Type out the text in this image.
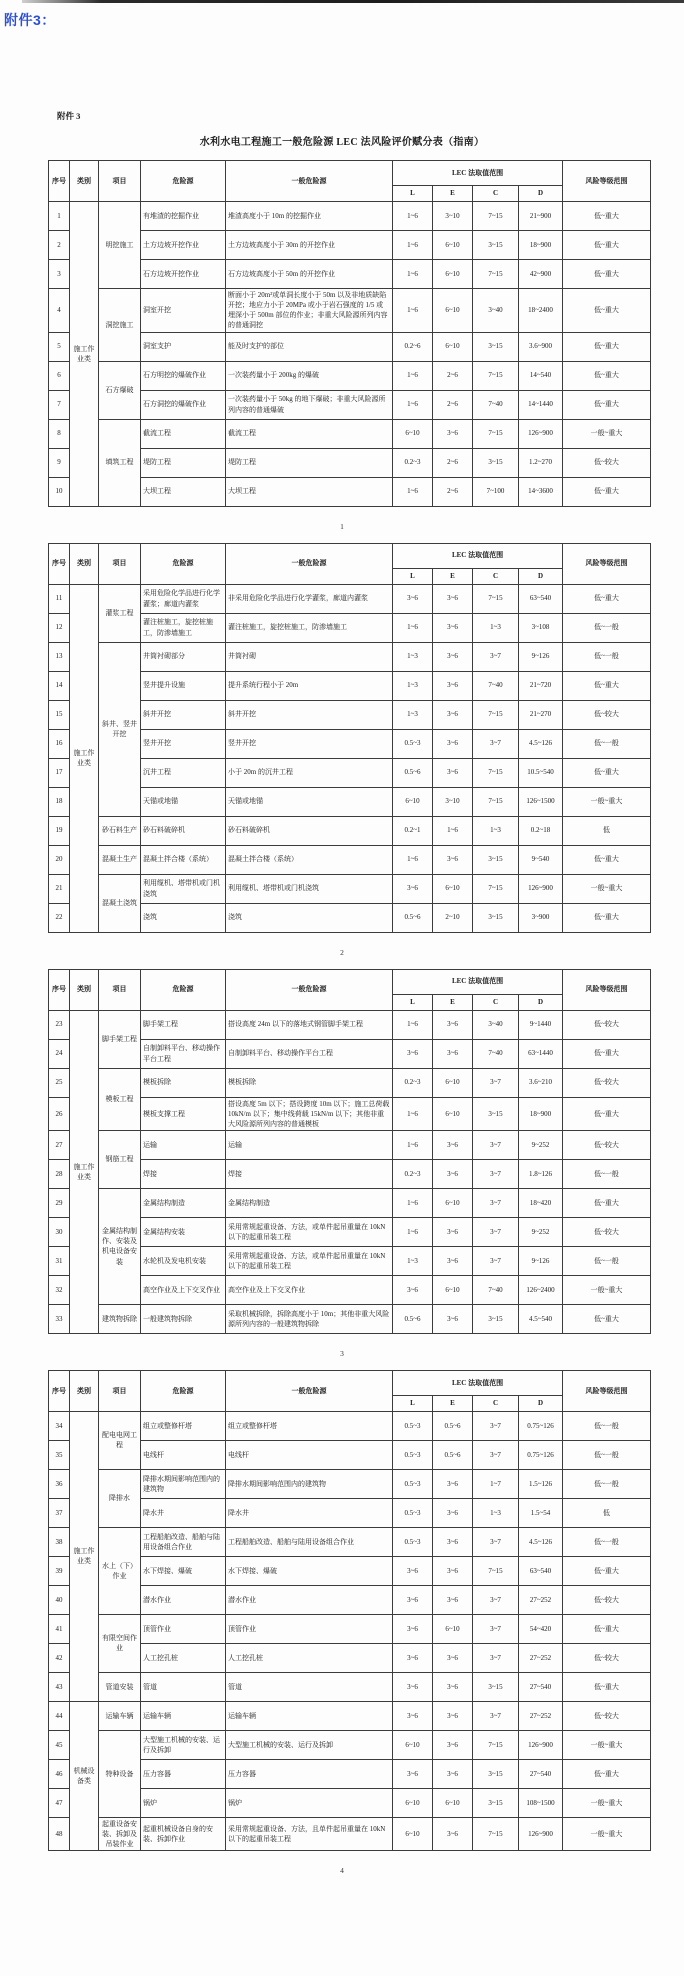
附件3：
附件 3
水利水电工程施工一般危险源 LEC 法风险评价赋分表（指南）
序号	类别	项目	危险源	一般危险源	LEC 法取值范围				风险等级范围
					L	E	C	D	
1	施工作业类	明挖施工	有堆渣的挖掘作业	堆渣高度小于 10m 的挖掘作业	1~6	3~10	7~15	21~900	低~重大
2			土方边坡开挖作业	土方边坡高度小于 30m 的开挖作业	1~6	6~10	3~15	18~900	低~重大
3			石方边坡开挖作业	石方边坡高度小于 50m 的开挖作业	1~6	6~10	7~15	42~900	低~重大
4		洞挖施工	洞室开挖	断面小于 20m²或单洞长度小于 50m 以及非地质缺陷开挖；地应力小于 20MPa 或小于岩石强度的 1/5 或埋深小于 500m 部位的作业；非重大风险源所列内容的普通洞挖	1~6	6~10	3~40	18~2400	低~重大
5			洞室支护	能及时支护的部位	0.2~6	6~10	3~15	3.6~900	低~重大
6		石方爆破	石方明挖的爆破作业	一次装药量小于 200kg 的爆破	1~6	2~6	7~15	14~540	低~重大
7			石方洞挖的爆破作业	一次装药量小于 50kg 的地下爆破；非重大风险源所列内容的普通爆破	1~6	2~6	7~40	14~1440	低~重大
8		填筑工程	截流工程	截流工程	6~10	3~6	7~15	126~900	一般~重大
9			堤防工程	堤防工程	0.2~3	2~6	3~15	1.2~270	低~较大
10			大坝工程	大坝工程	1~6	2~6	7~100	14~3600	低~重大
1
序号	类别	项目	危险源	一般危险源	LEC 法取值范围				风险等级范围
					L	E	C	D	
11	施工作业类	灌浆工程	采用危险化学品进行化学灌浆；廊道内灌浆	非采用危险化学品进行化学灌浆，廊道内灌浆	3~6	3~6	7~15	63~540	低~重大
12			灌注桩施工，旋挖桩施工，防渗墙施工	灌注桩施工，旋挖桩施工，防渗墙施工	1~6	3~6	1~3	3~108	低~一般
13		斜井、竖井开挖	井筒衬砌部分	井筒衬砌	1~3	3~6	3~7	9~126	低~一般
14			竖井提升设施	提升系统行程小于 20m	1~3	3~6	7~40	21~720	低~重大
15			斜井开挖	斜井开挖	1~3	3~6	7~15	21~270	低~较大
16			竖井开挖	竖井开挖	0.5~3	3~6	3~7	4.5~126	低~一般
17			沉井工程	小于 20m 的沉井工程	0.5~6	3~6	7~15	10.5~540	低~重大
18			天锚或地锚	天锚或地锚	6~10	3~10	7~15	126~1500	一般~重大
19		砂石料生产	砂石料破碎机	砂石料破碎机	0.2~1	1~6	1~3	0.2~18	低
20		混凝土生产	混凝土拌合楼（系统）	混凝土拌合楼（系统）	1~6	3~6	3~15	9~540	低~重大
21		混凝土浇筑	利用缆机、塔带机或门机浇筑	利用缆机、塔带机或门机浇筑	3~6	6~10	7~15	126~900	一般~重大
22			浇筑	浇筑	0.5~6	2~10	3~15	3~900	低~重大
2
序号	类别	项目	危险源	一般危险源	LEC 法取值范围				风险等级范围
					L	E	C	D	
23	施工作业类	脚手架工程	脚手架工程	搭设高度 24m 以下的落地式钢管脚手架工程	1~6	3~6	3~40	9~1440	低~较大
24			自制卸料平台、移动操作平台工程	自制卸料平台、移动操作平台工程	3~6	3~6	7~40	63~1440	低~重大
25		模板工程	模板拆除	模板拆除	0.2~3	6~10	3~7	3.6~210	低~较大
26			模板支撑工程	搭设高度 5m 以下；搭设跨度 10m 以下；施工总荷载 10kN/m 以下；集中线荷载 15kN/m 以下；其他非重大风险源所列内容的普通模板	1~6	6~10	3~15	18~900	低~重大
27		钢筋工程	运输	运输	1~6	3~6	3~7	9~252	低~较大
28			焊接	焊接	0.2~3	3~6	3~7	1.8~126	低~一般
29		金属结构制作、安装及机电设备安装	金属结构制造	金属结构制造	1~6	6~10	3~7	18~420	低~重大
30			金属结构安装	采用常规起重设备、方法，或单件起吊重量在 10kN 以下的起重吊装工程	1~6	3~6	3~7	9~252	低~较大
31			水轮机及发电机安装	采用常规起重设备、方法，或单件起吊重量在 10kN 以下的起重吊装工程	1~3	3~6	3~7	9~126	低~一般
32			高空作业及上下交叉作业	高空作业及上下交叉作业	3~6	6~10	7~40	126~2400	一般~重大
33		建筑物拆除	一般建筑物拆除	采取机械拆除，拆除高度小于 10m；其他非重大风险源所列内容的一般建筑物拆除	0.5~6	3~6	3~15	4.5~540	低~重大
3
序号	类别	项目	危险源	一般危险源	LEC 法取值范围				风险等级范围
					L	E	C	D	
34	施工作业类	配电电网工程	组立或整修杆塔	组立或整修杆塔	0.5~3	0.5~6	3~7	0.75~126	低~一般
35			电线杆	电线杆	0.5~3	0.5~6	3~7	0.75~126	低~一般
36		降排水	降排水期间影响范围内的建筑物	降排水期间影响范围内的建筑物	0.5~3	3~6	1~7	1.5~126	低~一般
37			降水井	降水井	0.5~3	3~6	1~3	1.5~54	低
38		水上（下）作业	工程船舶改造、船舶与陆用设备组合作业	工程船舶改造、船舶与陆用设备组合作业	0.5~3	3~6	3~7	4.5~126	低~一般
39			水下焊接、爆破	水下焊接、爆破	3~6	3~6	7~15	63~540	低~重大
40			潜水作业	潜水作业	3~6	3~6	3~7	27~252	低~较大
41		有限空间作业	顶管作业	顶管作业	3~6	6~10	3~7	54~420	低~重大
42			人工挖孔桩	人工挖孔桩	3~6	3~6	3~7	27~252	低~较大
43		管道安装	管道	管道	3~6	3~6	3~15	27~540	低~重大
44	机械设备类	运输车辆	运输车辆	运输车辆	3~6	3~6	3~7	27~252	低~较大
45		特种设备	大型施工机械的安装、运行及拆卸	大型施工机械的安装、运行及拆卸	6~10	3~6	7~15	126~900	一般~重大
46			压力容器	压力容器	3~6	3~6	3~15	27~540	低~重大
47			锅炉	锅炉	6~10	6~10	3~15	108~1500	一般~重大
48		起重设备安装、拆卸及吊装作业	起重机械设备自身的安装、拆卸作业	采用常规起重设备、方法，且单件起吊重量在 10kN 以下的起重吊装工程	6~10	3~6	7~15	126~900	一般~重大
4
